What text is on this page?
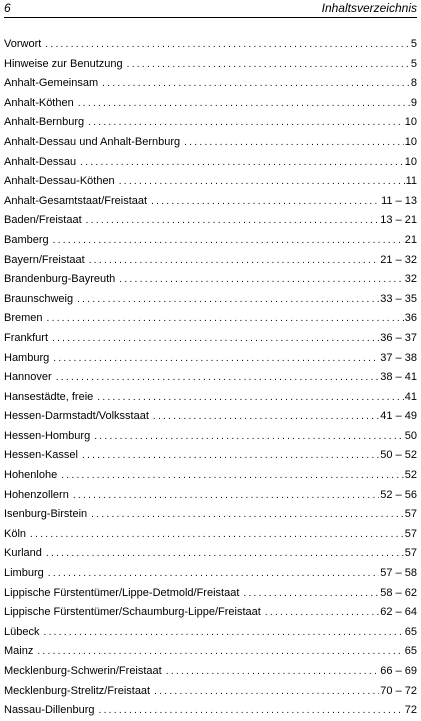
6	Inhaltsverzeichnis
Vorwort .....	5
Hinweise zur Benutzung .....	5
Anhalt-Gemeinsam .....	8
Anhalt-Köthen .....	9
Anhalt-Bernburg .....	10
Anhalt-Dessau und Anhalt-Bernburg .....	10
Anhalt-Dessau .....	10
Anhalt-Dessau-Köthen .....	11
Anhalt-Gesamtstaat/Freistaat .....	11 – 13
Baden/Freistaat .....	13 – 21
Bamberg .....	21
Bayern/Freistaat .....	21 – 32
Brandenburg-Bayreuth .....	32
Braunschweig .....	33 – 35
Bremen .....	36
Frankfurt .....	36 – 37
Hamburg .....	37 – 38
Hannover .....	38 – 41
Hansestädte, freie .....	41
Hessen-Darmstadt/Volksstaat .....	41 – 49
Hessen-Homburg .....	50
Hessen-Kassel .....	50 – 52
Hohenlohe .....	52
Hohenzollern .....	52 – 56
Isenburg-Birstein .....	57
Köln .....	57
Kurland .....	57
Limburg .....	57 – 58
Lippische Fürstentümer/Lippe-Detmold/Freistaat .....	58 – 62
Lippische Fürstentümer/Schaumburg-Lippe/Freistaat .....	62 – 64
Lübeck .....	65
Mainz .....	65
Mecklenburg-Schwerin/Freistaat .....	66 – 69
Mecklenburg-Strelitz/Freistaat .....	70 – 72
Nassau-Dillenburg .....	72
